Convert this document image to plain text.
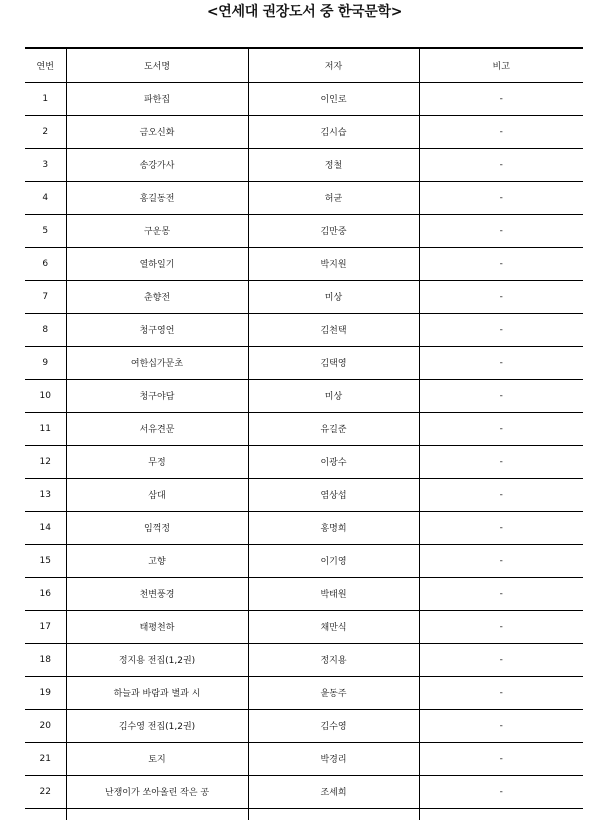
<연세대 권장도서 중 한국문학>
연번	도서명	저자	비고
1	파한집	이인로	-
2	금오신화	김시습	-
3	송강가사	정철	-
4	홍길동전	허균	-
5	구운몽	김만중	-
6	열하일기	박지원	-
7	춘향전	미상	-
8	청구영언	김천택	-
9	여한십가문초	김택영	-
10	청구야담	미상	-
11	서유견문	유길준	-
12	무정	이광수	-
13	삼대	염상섭	-
14	임꺽정	홍명희	-
15	고향	이기영	-
16	천변풍경	박태원	-
17	태평천하	채만식	-
18	정지용 전집(1,2권)	정지용	-
19	하늘과 바람과 별과 시	윤동주	-
20	김수영 전집(1,2권)	김수영	-
21	토지	박경리	-
22	난쟁이가 쏘아올린 작은 공	조세희	-
